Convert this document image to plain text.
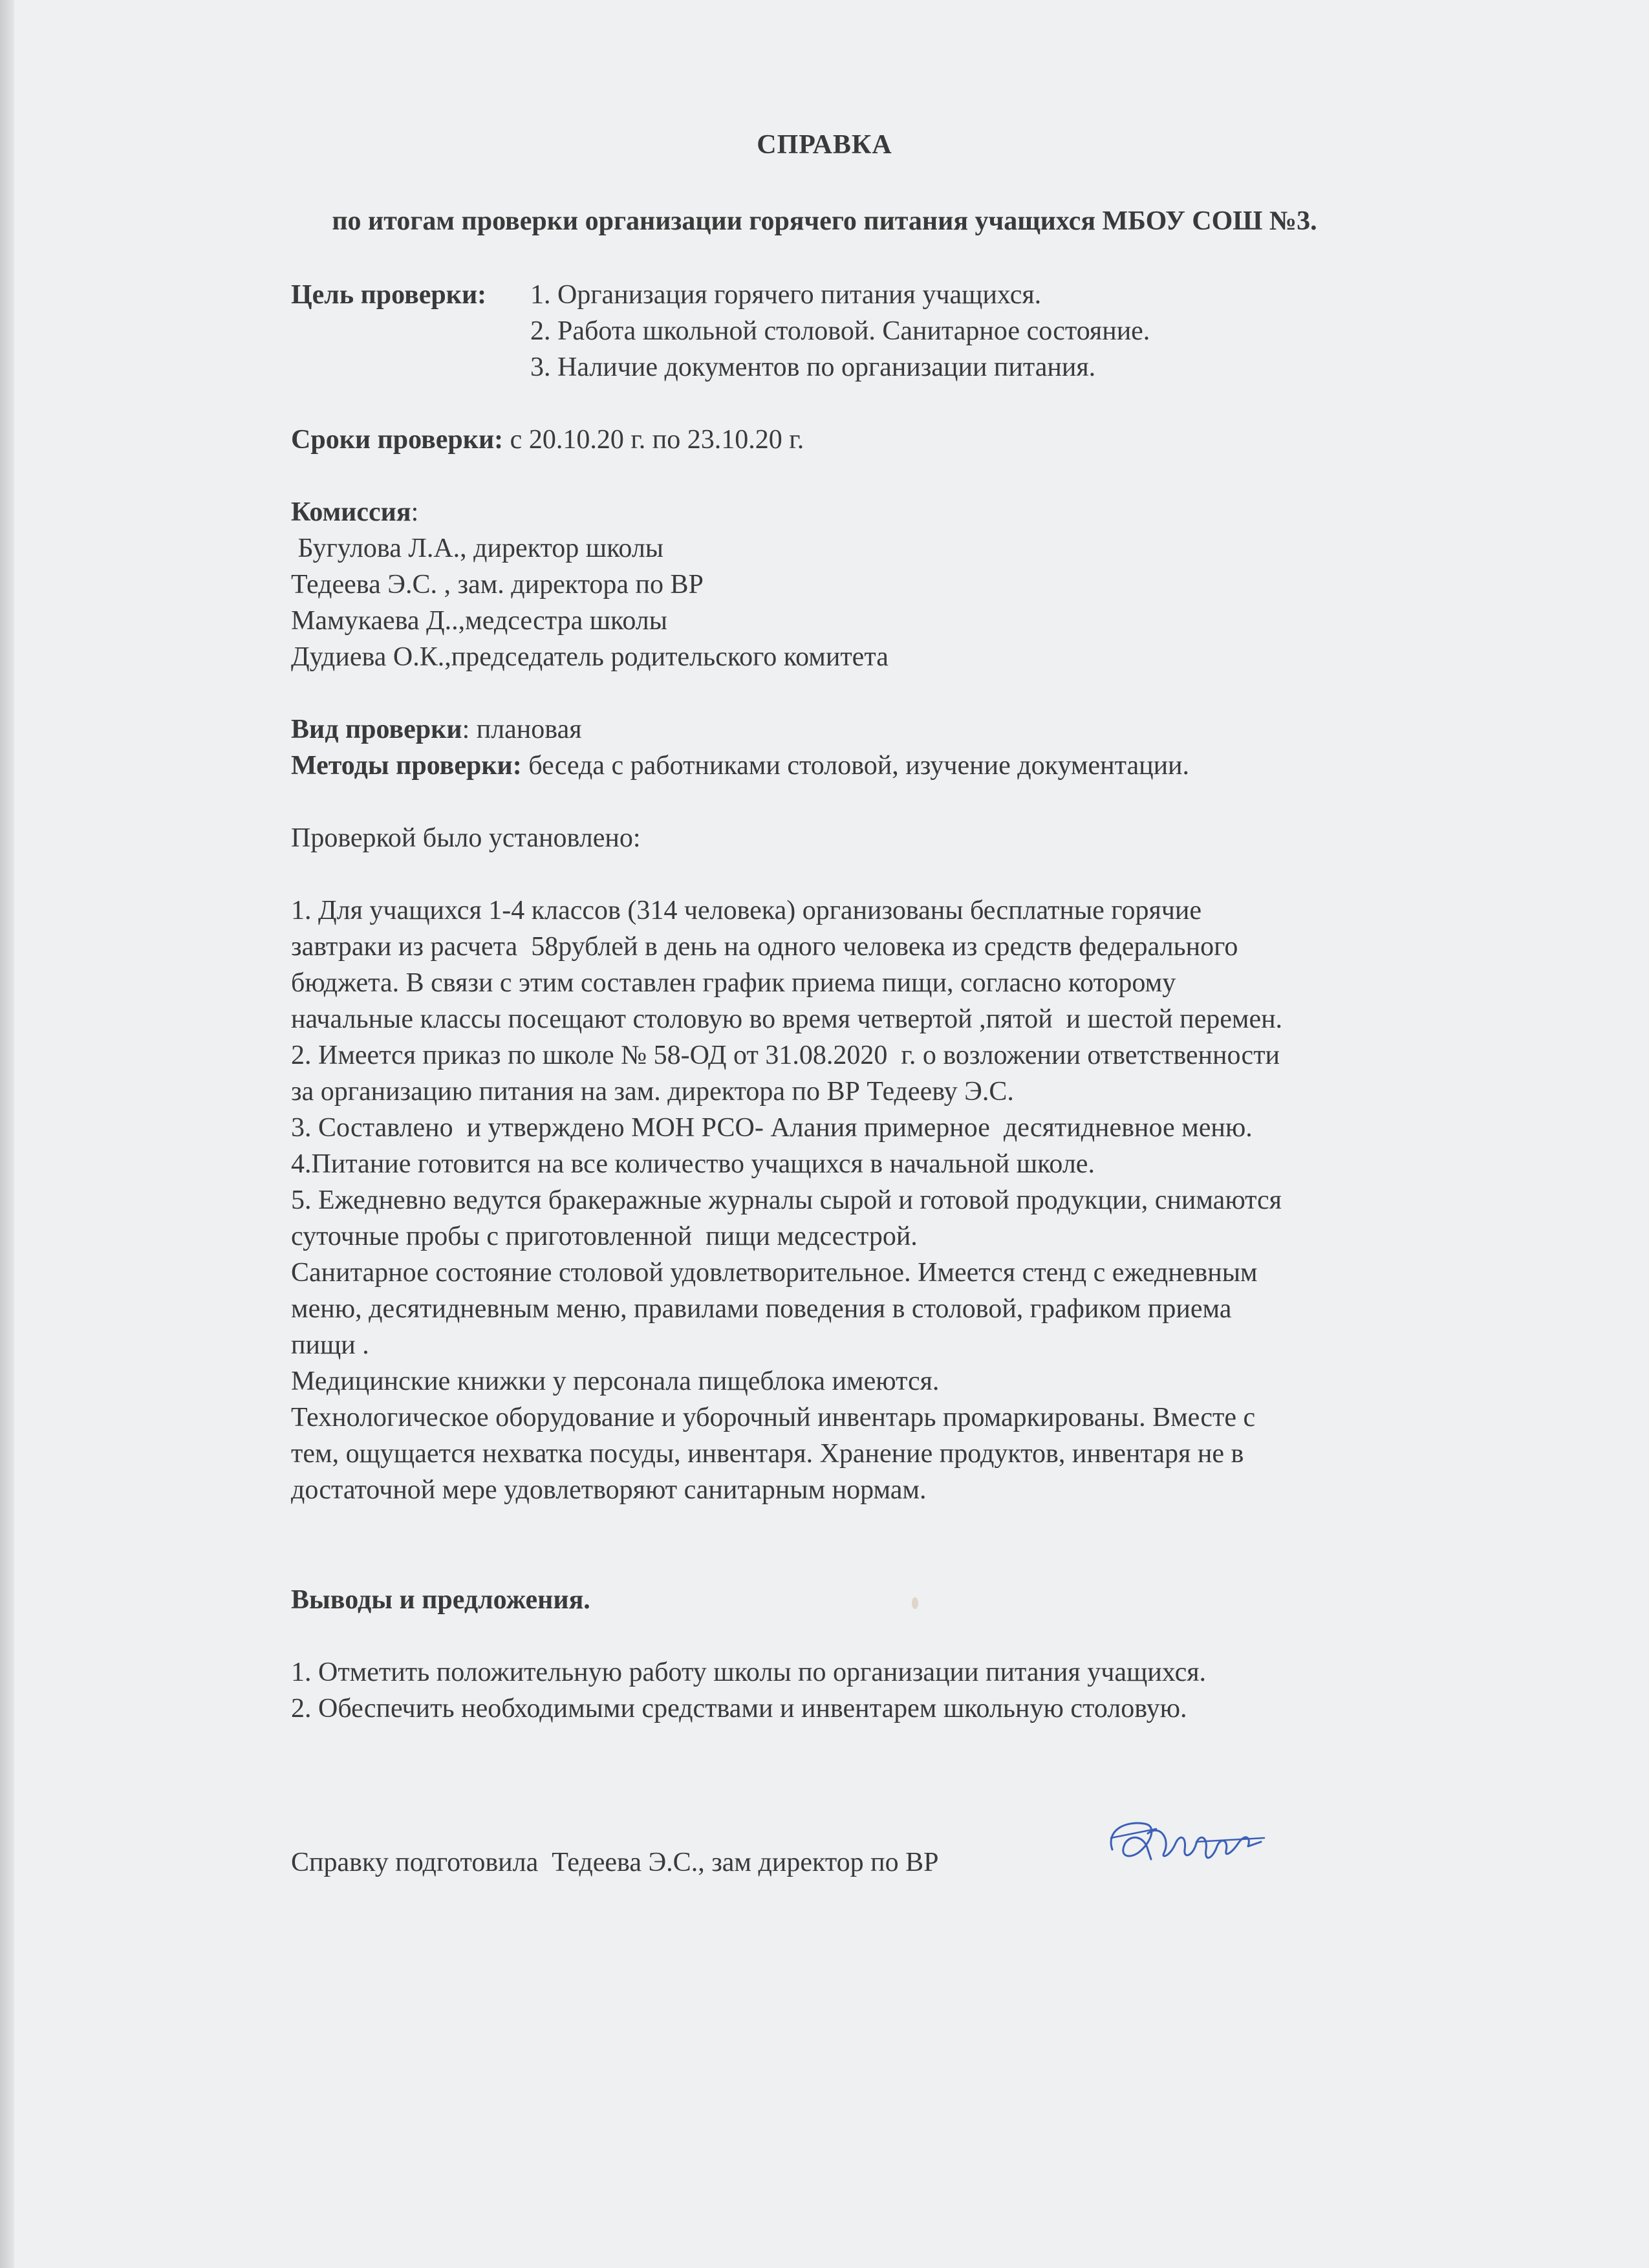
СПРАВКА
по итогам проверки организации горячего питания учащихся МБОУ СОШ №3.
Цель проверки: 1. Организация горячего питания учащихся.
2. Работа школьной столовой. Санитарное состояние.
3. Наличие документов по организации питания.
Сроки проверки: с 20.10.20 г. по 23.10.20 г.
Комиссия:
Бугулова Л.А., директор школы
Тедеева Э.С. , зам. директора по ВР
Мамукаева Д..,медсестра школы
Дудиева О.К.,председатель родительского комитета
Вид проверки: плановая
Методы проверки: беседа с работниками столовой, изучение документации.
Проверкой было установлено:
1. Для учащихся 1-4 классов (314 человека) организованы бесплатные горячие
завтраки из расчета  58рублей в день на одного человека из средств федерального
бюджета. В связи с этим составлен график приема пищи, согласно которому
начальные классы посещают столовую во время четвертой ,пятой  и шестой перемен.
2. Имеется приказ по школе № 58-ОД от 31.08.2020  г. о возложении ответственности
за организацию питания на зам. директора по ВР Тедееву Э.С.
3. Составлено  и утверждено МОН РСО- Алания примерное  десятидневное меню.
4.Питание готовится на все количество учащихся в начальной школе.
5. Ежедневно ведутся бракеражные журналы сырой и готовой продукции, снимаются
суточные пробы с приготовленной  пищи медсестрой.
Санитарное состояние столовой удовлетворительное. Имеется стенд с ежедневным
меню, десятидневным меню, правилами поведения в столовой, графиком приема
пищи .
Медицинские книжки у персонала пищеблока имеются.
Технологическое оборудование и уборочный инвентарь промаркированы. Вместе с
тем, ощущается нехватка посуды, инвентаря. Хранение продуктов, инвентаря не в
достаточной мере удовлетворяют санитарным нормам.
Выводы и предложения.
1. Отметить положительную работу школы по организации питания учащихся.
2. Обеспечить необходимыми средствами и инвентарем школьную столовую.
Справку подготовила  Тедеева Э.С., зам директор по ВР
